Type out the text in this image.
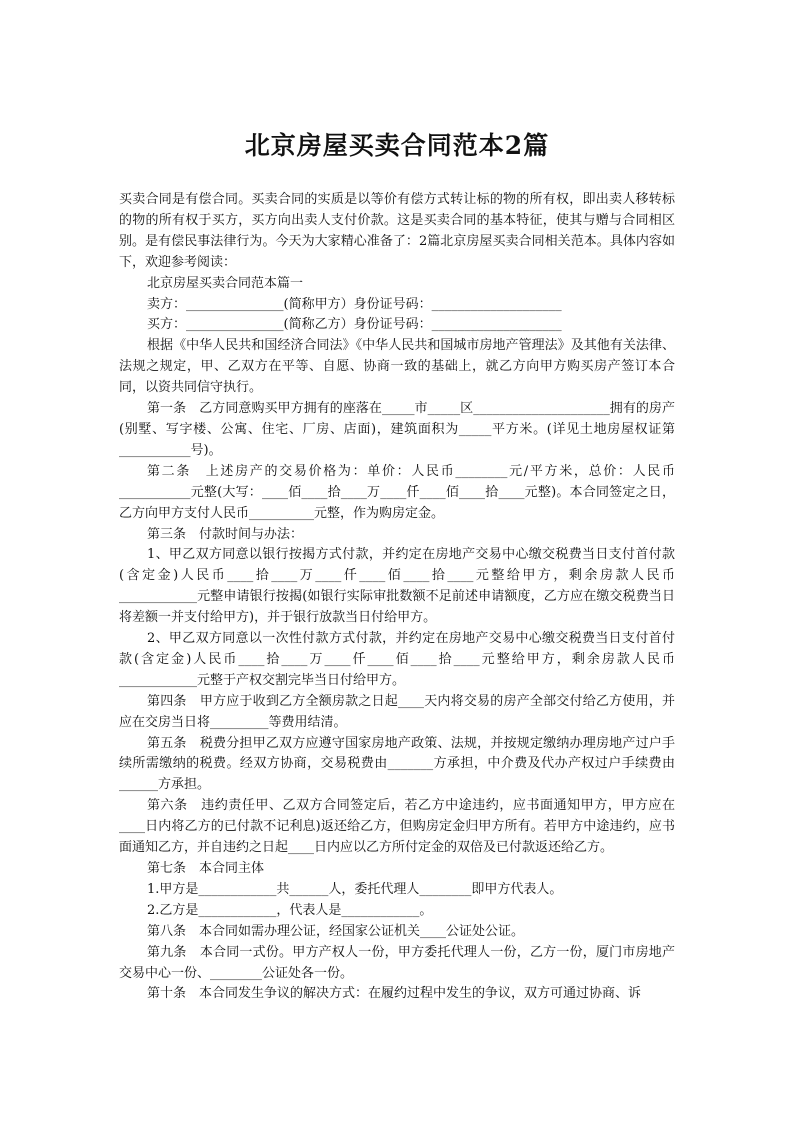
北京房屋买卖合同范本2篇

买卖合同是有偿合同。买卖合同的实质是以等价有偿方式转让标的物的所有权，即出卖人移转标的物的所有权于买方，买方向出卖人支付价款。这是买卖合同的基本特征，使其与赠与合同相区别。是有偿民事法律行为。今天为大家精心准备了：2篇北京房屋买卖合同相关范本。具体内容如下，欢迎参考阅读：

北京房屋买卖合同范本篇一

卖方：_______________(简称甲方）身份证号码：____________________

买方：_______________(简称乙方）身份证号码：____________________

根据《中华人民共和国经济合同法》《中华人民共和国城市房地产管理法》及其他有关法律、法规之规定，甲、乙双方在平等、自愿、协商一致的基础上，就乙方向甲方购买房产签订本合同，以资共同信守执行。

第一条　乙方同意购买甲方拥有的座落在_____市_____区_____________________拥有的房产(别墅、写字楼、公寓、住宅、厂房、店面)，建筑面积为_____平方米。(详见土地房屋权证第___________号)。

第二条　上述房产的交易价格为：单价：人民币________元/平方米，总价：人民币___________元整(大写：____佰____拾____万____仟____佰____拾____元整)。本合同签定之日，乙方向甲方支付人民币__________元整，作为购房定金。

第三条　付款时间与办法：

1、甲乙双方同意以银行按揭方式付款，并约定在房地产交易中心缴交税费当日支付首付款(含定金)人民币____拾____万____仟____佰____拾____元整给甲方，剩余房款人民币____________元整申请银行按揭(如银行实际审批数额不足前述申请额度，乙方应在缴交税费当日将差额一并支付给甲方)，并于银行放款当日付给甲方。

2、甲乙双方同意以一次性付款方式付款，并约定在房地产交易中心缴交税费当日支付首付款(含定金)人民币____拾____万____仟____佰____拾____元整给甲方，剩余房款人民币____________元整于产权交割完毕当日付给甲方。

第四条　甲方应于收到乙方全额房款之日起____天内将交易的房产全部交付给乙方使用，并应在交房当日将_________等费用结清。

第五条　税费分担甲乙双方应遵守国家房地产政策、法规，并按规定缴纳办理房地产过户手续所需缴纳的税费。经双方协商，交易税费由_______方承担，中介费及代办产权过户手续费由______方承担。

第六条　违约责任甲、乙双方合同签定后，若乙方中途违约，应书面通知甲方，甲方应在____日内将乙方的已付款不记利息)返还给乙方，但购房定金归甲方所有。若甲方中途违约，应书面通知乙方，并自违约之日起____日内应以乙方所付定金的双倍及已付款返还给乙方。

第七条　本合同主体

1.甲方是____________共______人，委托代理人________即甲方代表人。

2.乙方是____________，代表人是____________。

第八条　本合同如需办理公证，经国家公证机关____公证处公证。

第九条　本合同一式份。甲方产权人一份，甲方委托代理人一份，乙方一份，厦门市房地产交易中心一份、________公证处各一份。

第十条　本合同发生争议的解决方式：在履约过程中发生的争议，双方可通过协商、诉
